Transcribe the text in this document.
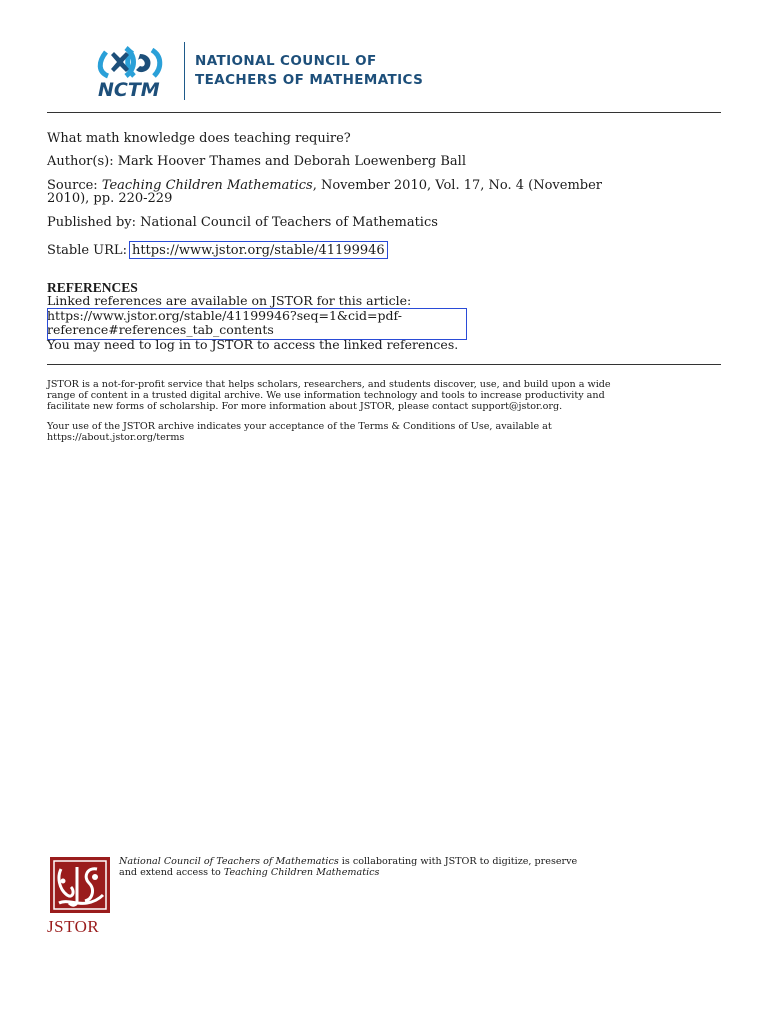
NCTM
NATIONAL COUNCIL OF
TEACHERS OF MATHEMATICS
What math knowledge does teaching require?
Author(s): Mark Hoover Thames and Deborah Loewenberg Ball
Source: Teaching Children Mathematics, November 2010, Vol. 17, No. 4 (November
2010), pp. 220-229
Published by: National Council of Teachers of Mathematics
Stable URL: https://www.jstor.org/stable/41199946
REFERENCES
Linked references are available on JSTOR for this article:
https://www.jstor.org/stable/41199946?seq=1&cid=pdf-
reference#references_tab_contents
You may need to log in to JSTOR to access the linked references.
JSTOR is a not-for-profit service that helps scholars, researchers, and students discover, use, and build upon a wide
range of content in a trusted digital archive. We use information technology and tools to increase productivity and
facilitate new forms of scholarship. For more information about JSTOR, please contact support@jstor.org.
Your use of the JSTOR archive indicates your acceptance of the Terms & Conditions of Use, available at
https://about.jstor.org/terms
JSTOR
National Council of Teachers of Mathematics is collaborating with JSTOR to digitize, preserve
and extend access to Teaching Children Mathematics
